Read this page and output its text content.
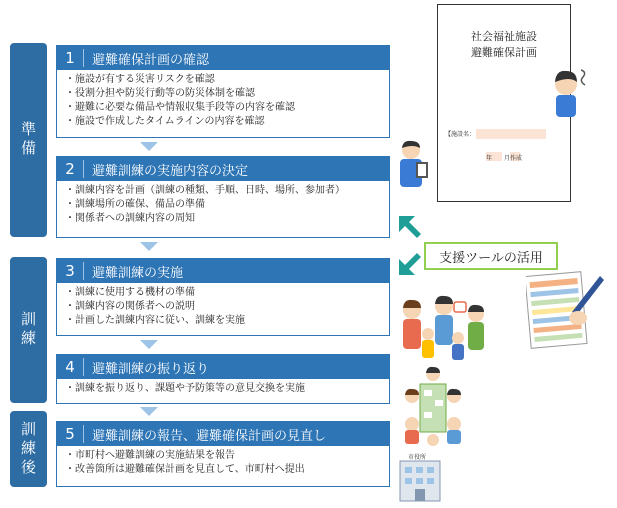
準備
訓練
訓練後
1	避難確保計画の確認
・ 施設が有する災害リスクを確認
・ 役割分担や防災行動等の防災体制を確認
・ 避難に必要な備品や情報収集手段等の内容を確認
・ 施設で作成したタイムラインの内容を確認
2	避難訓練の実施内容の決定
・ 訓練内容を計画（訓練の種類、手順、日時、場所、参加者）
・ 訓練場所の確保、備品の準備
・ 関係者への訓練内容の周知
3	避難訓練の実施
・ 訓練に使用する機材の準備
・ 訓練内容の関係者への説明
・ 計画した訓練内容に従い、訓練を実施
4	避難訓練の振り返り
・ 訓練を振り返り、課題や予防策等の意見交換を実施
5	避難訓練の報告、避難確保計画の見直し
・ 市町村へ避難訓練の実施結果を報告
・ 改善箇所は避難確保計画を見直して、市町村へ提出
社会福祉施設
避難確保計画
【施設名：
年　　月作成
支援ツールの活用
市役所
